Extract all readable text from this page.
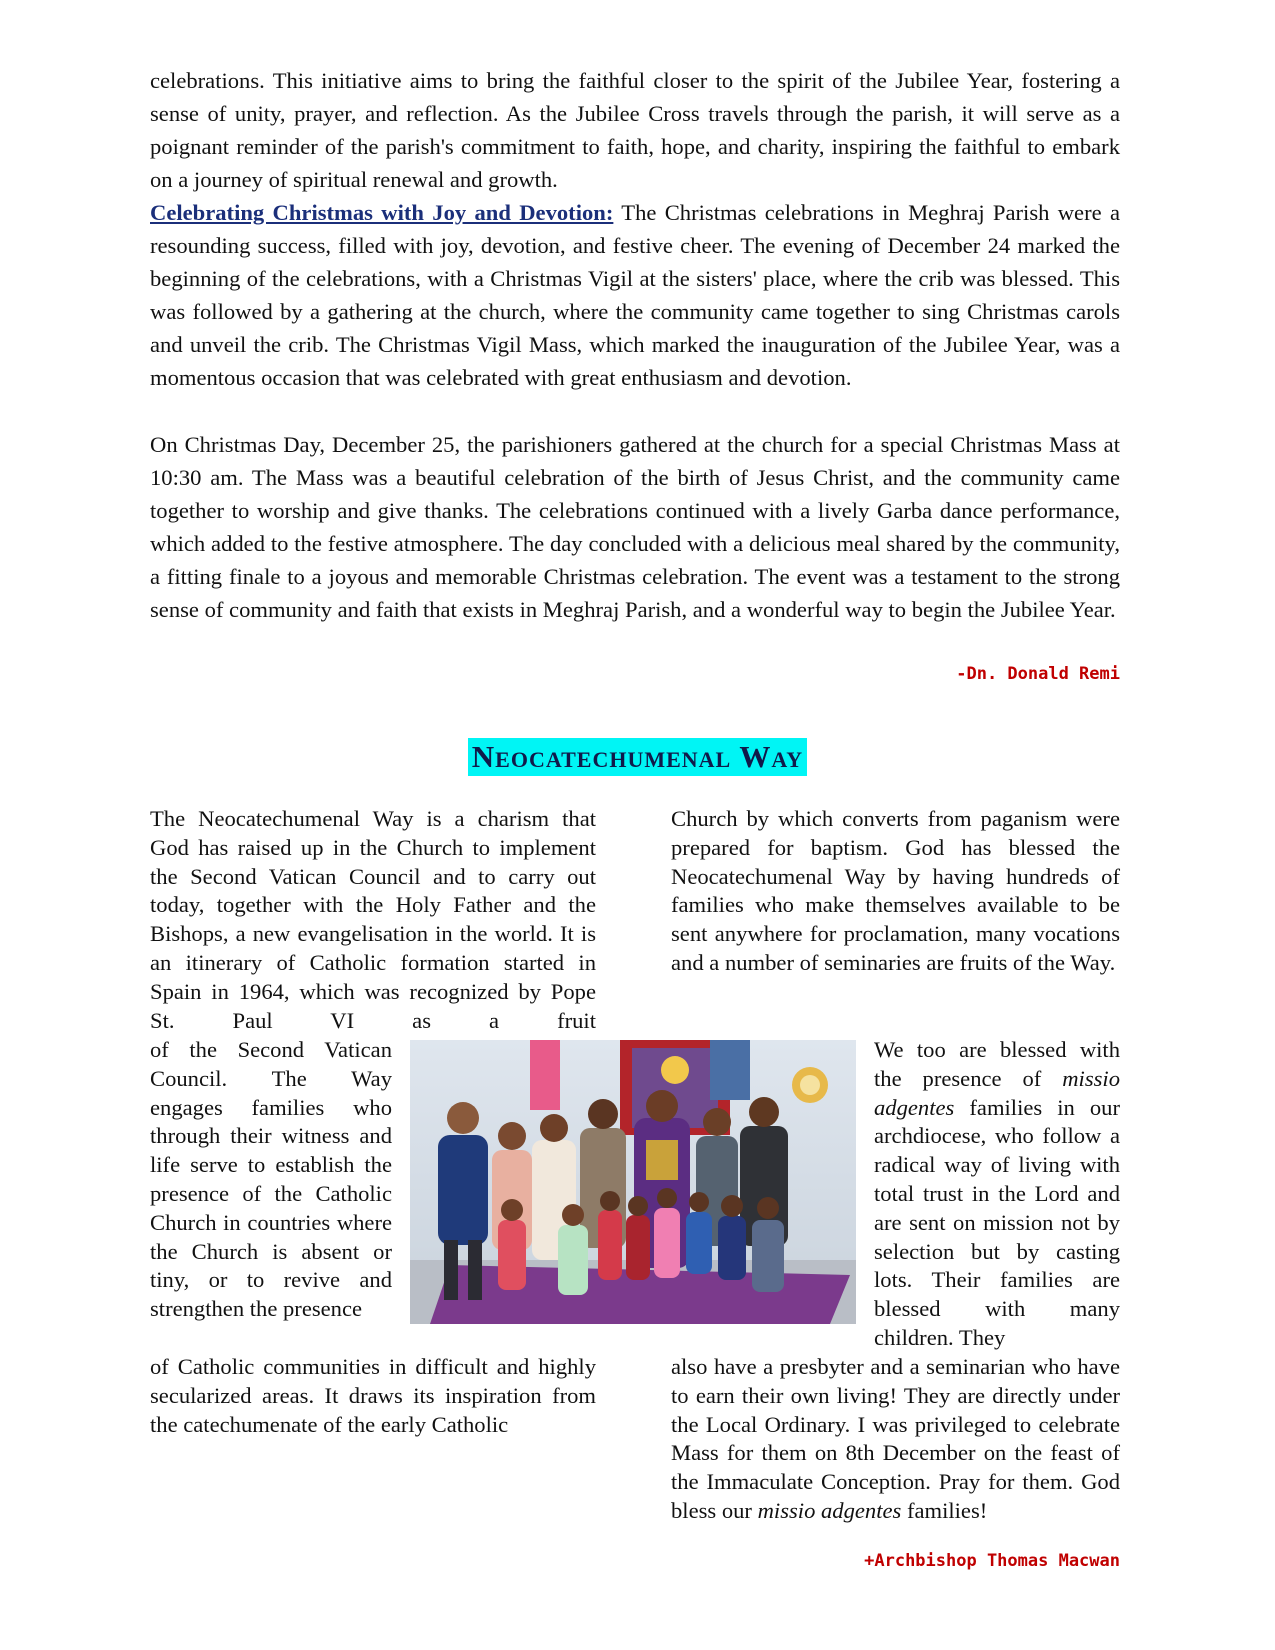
celebrations. This initiative aims to bring the faithful closer to the spirit of the Jubilee Year, fostering a sense of unity, prayer, and reflection. As the Jubilee Cross travels through the parish, it will serve as a poignant reminder of the parish's commitment to faith, hope, and charity, inspiring the faithful to embark on a journey of spiritual renewal and growth.

Celebrating Christmas with Joy and Devotion: The Christmas celebrations in Meghraj Parish were a resounding success, filled with joy, devotion, and festive cheer. The evening of December 24 marked the beginning of the celebrations, with a Christmas Vigil at the sisters' place, where the crib was blessed. This was followed by a gathering at the church, where the community came together to sing Christmas carols and unveil the crib. The Christmas Vigil Mass, which marked the inauguration of the Jubilee Year, was a momentous occasion that was celebrated with great enthusiasm and devotion.

On Christmas Day, December 25, the parishioners gathered at the church for a special Christmas Mass at 10:30 am. The Mass was a beautiful celebration of the birth of Jesus Christ, and the community came together to worship and give thanks. The celebrations continued with a lively Garba dance performance, which added to the festive atmosphere. The day concluded with a delicious meal shared by the community, a fitting finale to a joyous and memorable Christmas celebration. The event was a testament to the strong sense of community and faith that exists in Meghraj Parish, and a wonderful way to begin the Jubilee Year.

-Dn. Donald Remi
Neocatechumenal Way

The Neocatechumenal Way is a charism that God has raised up in the Church to implement the Second Vatican Council and to carry out today, together with the Holy Father and the Bishops, a new evangelisation in the world. It is an itinerary of Catholic formation started in Spain in 1964, which was recognized by Pope St. Paul VI as a fruit

of the Second Vatican Council. The Way engages families who through their witness and life serve to establish the presence of the Catholic Church in countries where the Church is absent or tiny, or to revive and strengthen the presence

of Catholic communities in difficult and highly secularized areas. It draws its inspiration from the catechumenate of the early Catholic

Church by which converts from paganism were prepared for baptism. God has blessed the Neocatechumenal Way by having hundreds of families who make themselves available to be sent anywhere for proclamation, many vocations and a number of seminaries are fruits of the Way.

We too are blessed with the presence of missio adgentes families in our archdiocese, who follow a radical way of living with total trust in the Lord and are sent on mission not by selection but by casting lots. Their families are blessed with many children. They

also have a presbyter and a seminarian who have to earn their own living! They are directly under the Local Ordinary. I was privileged to celebrate Mass for them on 8th December on the feast of the Immaculate Conception. Pray for them. God bless our missio adgentes families!

+Archbishop Thomas Macwan
